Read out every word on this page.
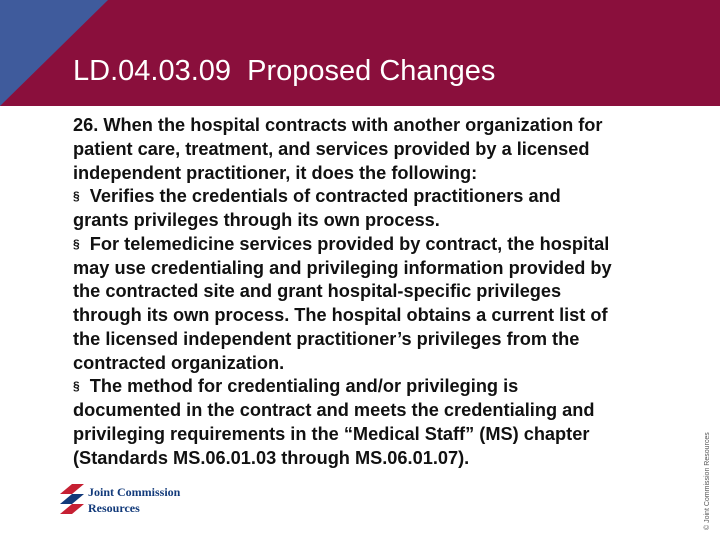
LD.04.03.09  Proposed Changes

26. When the hospital contracts with another organization for

patient care, treatment, and services provided by a licensed

independent practitioner, it does the following:

§ Verifies the credentials of contracted practitioners and

grants privileges through its own process.

§ For telemedicine services provided by contract, the hospital

may use credentialing and privileging information provided by

the contracted site and grant hospital-specific privileges

through its own process. The hospital obtains a current list of

the licensed independent practitioner’s privileges from the

contracted organization.

§ The method for credentialing and/or privileging is

documented in the contract and meets the credentialing and

privileging requirements in the “Medical Staff” (MS) chapter

(Standards MS.06.01.03 through MS.06.01.07).

Joint Commission
Resources	© Joint Commission Resources
